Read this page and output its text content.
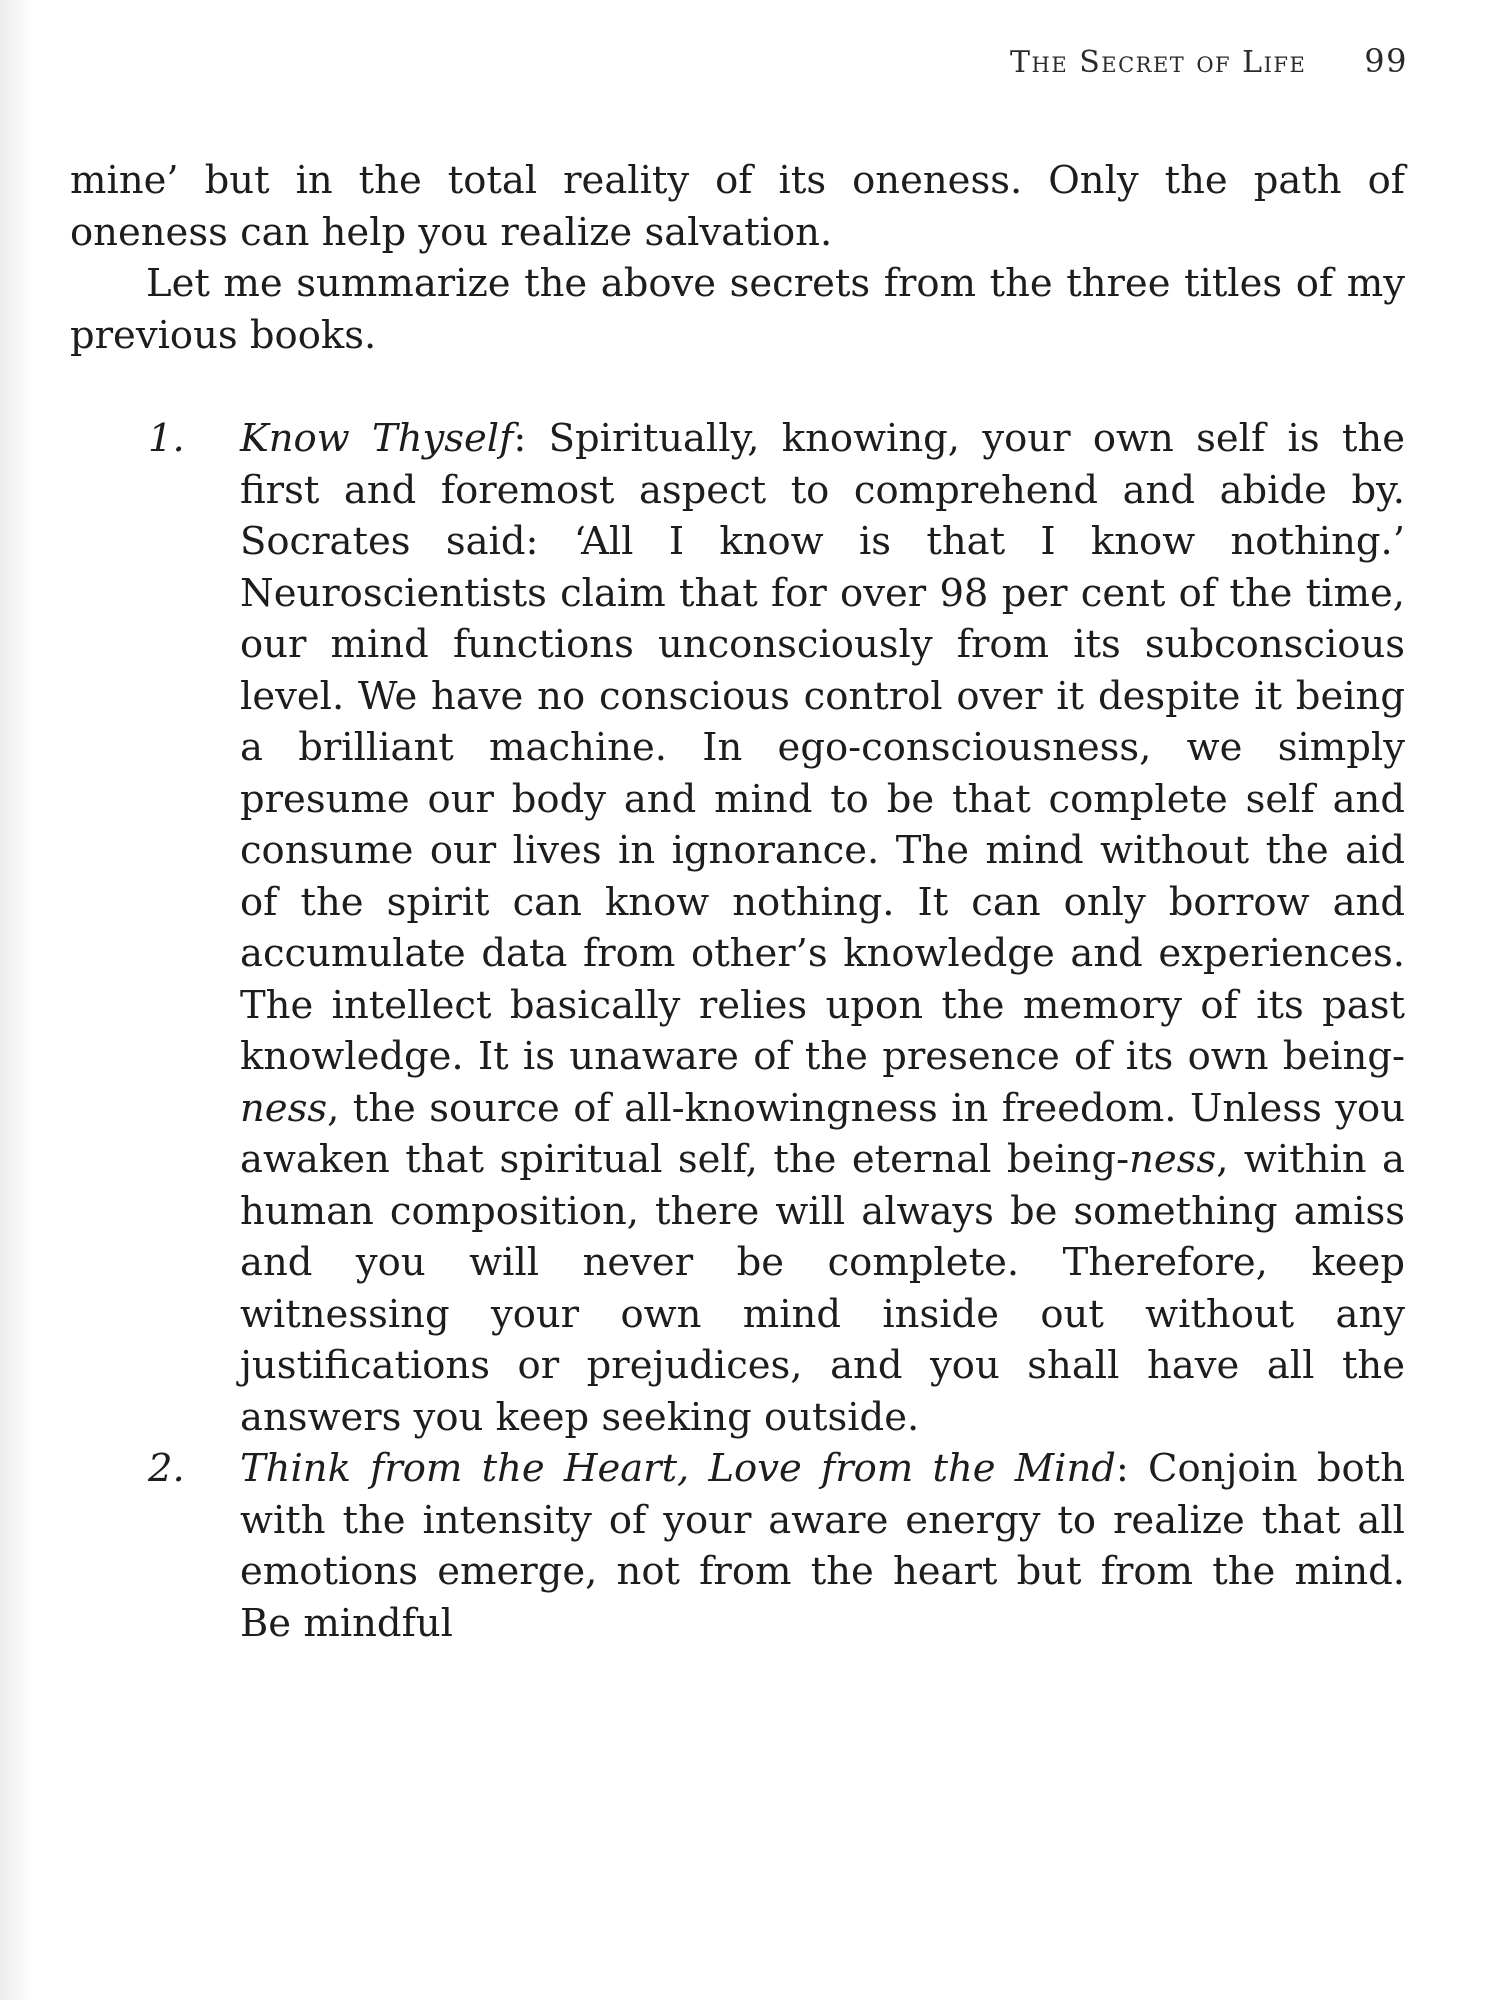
The Secret of Life 99

mine’ but in the total reality of its oneness. Only the path of oneness can help you realize salvation.

Let me summarize the above secrets from the three titles of my previous books.

1. Know Thyself: Spiritually, knowing, your own self is the first and foremost aspect to comprehend and abide by. Socrates said: ‘All I know is that I know nothing.’ Neuroscientists claim that for over 98 per cent of the time, our mind functions unconsciously from its subconscious level. We have no conscious control over it despite it being a brilliant machine. In ego-consciousness, we simply presume our body and mind to be that complete self and consume our lives in ignorance. The mind without the aid of the spirit can know nothing. It can only borrow and accumulate data from other’s knowledge and experiences. The intellect basically relies upon the memory of its past knowledge. It is unaware of the presence of its own being-ness, the source of all-knowingness in freedom. Unless you awaken that spiritual self, the eternal being-ness, within a human composition, there will always be something amiss and you will never be complete. Therefore, keep witnessing your own mind inside out without any justifications or prejudices, and you shall have all the answers you keep seeking outside.
2. Think from the Heart, Love from the Mind: Conjoin both with the intensity of your aware energy to realize that all emotions emerge, not from the heart but from the mind. Be mindful
